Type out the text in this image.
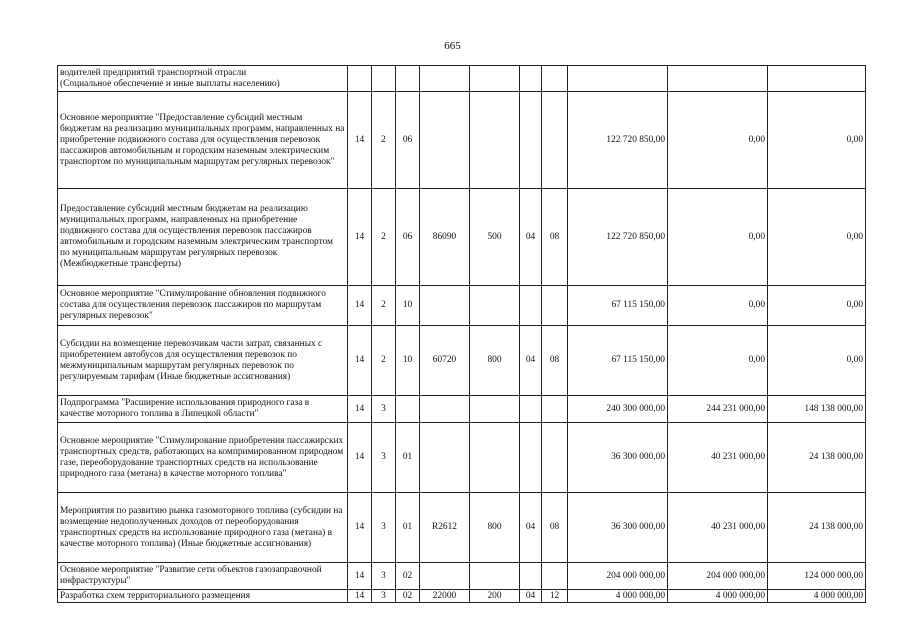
665
водителей предприятий транспортной отрасли
(Социальное обеспечение и иные выплаты населению)										
Основное мероприятие "Предоставление субсидий местным бюджетам на реализацию муниципальных программ, направленных на приобретение подвижного состава для осуществления перевозок пассажиров автомобильным и городским наземным электрическим транспортом по муниципальным маршрутам регулярных перевозок"	14	2	06					122 720 850,00	0,00	0,00
Предоставление субсидий местным бюджетам на реализацию муниципальных программ, направленных на приобретение подвижного состава для осуществления перевозок пассажиров автомобильным и городским наземным электрическим транспортом по муниципальным маршрутам регулярных перевозок (Межбюджетные трансферты)	14	2	06	86090	500	04	08	122 720 850,00	0,00	0,00
Основное мероприятие "Стимулирование обновления подвижного состава для осуществления перевозок пассажиров по маршрутам регулярных перевозок"	14	2	10					67 115 150,00	0,00	0,00
Субсидии на возмещение перевозчикам части затрат, связанных с приобретением автобусов для осуществления перевозок по межмуниципальным маршрутам регулярных перевозок по регулируемым тарифам (Иные бюджетные ассигнования)	14	2	10	60720	800	04	08	67 115 150,00	0,00	0,00
Подпрограмма "Расширение использования природного газа в качестве моторного топлива в Липецкой области"	14	3						240 300 000,00	244 231 000,00	148 138 000,00
Основное мероприятие "Стимулирование приобретения пассажирских транспортных средств, работающих на компримированном природном газе, переоборудование транспортных средств на использование природного газа (метана) в качестве моторного топлива"	14	3	01					36 300 000,00	40 231 000,00	24 138 000,00
Мероприятия по развитию рынка газомоторного топлива (субсидии на возмещение недополученных доходов от переоборудования транспортных средств на использование природного газа (метана) в качестве моторного топлива) (Иные бюджетные ассигнования)	14	3	01	R2612	800	04	08	36 300 000,00	40 231 000,00	24 138 000,00
Основное мероприятие "Развитие сети объектов газозаправочной инфраструктуры"	14	3	02					204 000 000,00	204 000 000,00	124 000 000,00
Разработка схем территориального размещения	14	3	02	22000	200	04	12	4 000 000,00	4 000 000,00	4 000 000,00
